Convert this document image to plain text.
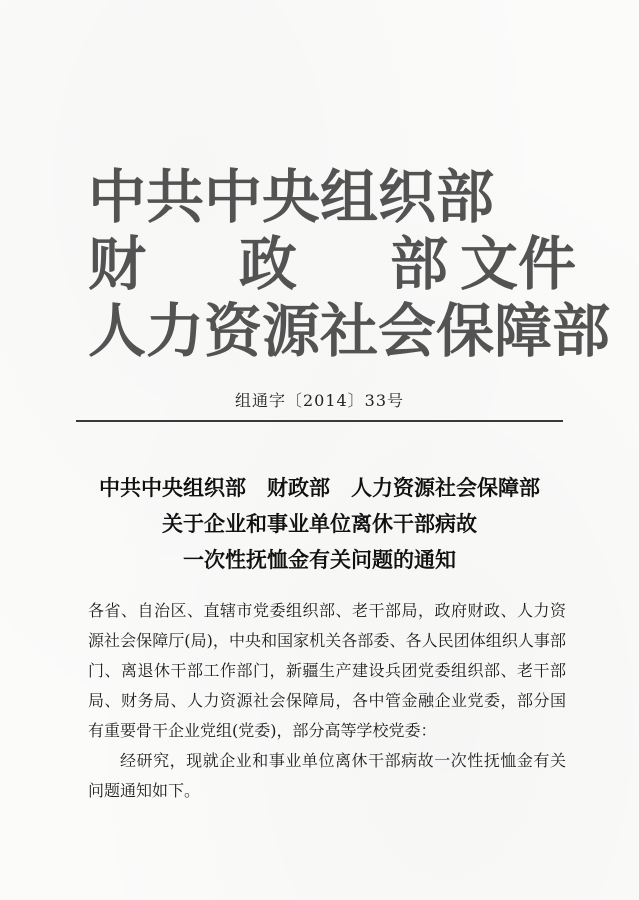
中共中央组织部
财 政 部 文件
人力资源社会保障部
组通字〔2014〕33号
中共中央组织部　财政部　人力资源社会保障部
关于企业和事业单位离休干部病故
一次性抚恤金有关问题的通知

各省、自治区、直辖市党委组织部、老干部局，政府财政、人力资源社会保障厅(局)，中央和国家机关各部委、各人民团体组织人事部门、离退休干部工作部门，新疆生产建设兵团党委组织部、老干部局、财务局、人力资源社会保障局，各中管金融企业党委，部分国有重要骨干企业党组(党委)，部分高等学校党委：

经研究，现就企业和事业单位离休干部病故一次性抚恤金有关问题通知如下。
